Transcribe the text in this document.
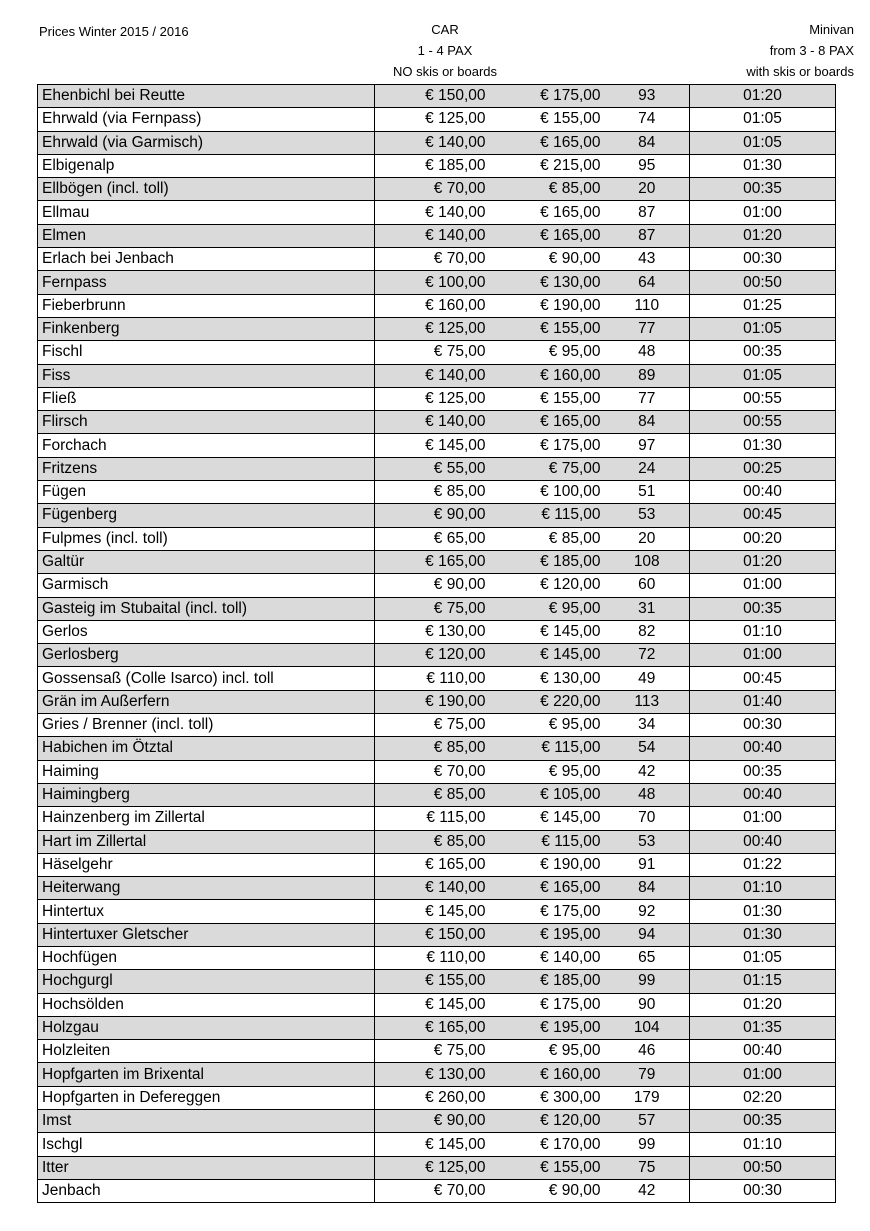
Prices Winter 2015 / 2016	CAR
1 - 4 PAX
NO skis or boards
Minivan
from 3 - 8 PAX
with skis or boards
Ehenbichl bei Reutte	€ 150,00	€ 175,00	93	01:20
Ehrwald (via Fernpass)	€ 125,00	€ 155,00	74	01:05
Ehrwald (via Garmisch)	€ 140,00	€ 165,00	84	01:05
Elbigenalp	€ 185,00	€ 215,00	95	01:30
Ellbögen (incl. toll)	€ 70,00	€ 85,00	20	00:35
Ellmau	€ 140,00	€ 165,00	87	01:00
Elmen	€ 140,00	€ 165,00	87	01:20
Erlach bei Jenbach	€ 70,00	€ 90,00	43	00:30
Fernpass	€ 100,00	€ 130,00	64	00:50
Fieberbrunn	€ 160,00	€ 190,00	110	01:25
Finkenberg	€ 125,00	€ 155,00	77	01:05
Fischl	€ 75,00	€ 95,00	48	00:35
Fiss	€ 140,00	€ 160,00	89	01:05
Fließ	€ 125,00	€ 155,00	77	00:55
Flirsch	€ 140,00	€ 165,00	84	00:55
Forchach	€ 145,00	€ 175,00	97	01:30
Fritzens	€ 55,00	€ 75,00	24	00:25
Fügen	€ 85,00	€ 100,00	51	00:40
Fügenberg	€ 90,00	€ 115,00	53	00:45
Fulpmes (incl. toll)	€ 65,00	€ 85,00	20	00:20
Galtür	€ 165,00	€ 185,00	108	01:20
Garmisch	€ 90,00	€ 120,00	60	01:00
Gasteig im Stubaital (incl. toll)	€ 75,00	€ 95,00	31	00:35
Gerlos	€ 130,00	€ 145,00	82	01:10
Gerlosberg	€ 120,00	€ 145,00	72	01:00
Gossensaß (Colle Isarco) incl. toll	€ 110,00	€ 130,00	49	00:45
Grän im Außerfern	€ 190,00	€ 220,00	113	01:40
Gries / Brenner (incl. toll)	€ 75,00	€ 95,00	34	00:30
Habichen im Ötztal	€ 85,00	€ 115,00	54	00:40
Haiming	€ 70,00	€ 95,00	42	00:35
Haimingberg	€ 85,00	€ 105,00	48	00:40
Hainzenberg im Zillertal	€ 115,00	€ 145,00	70	01:00
Hart im Zillertal	€ 85,00	€ 115,00	53	00:40
Häselgehr	€ 165,00	€ 190,00	91	01:22
Heiterwang	€ 140,00	€ 165,00	84	01:10
Hintertux	€ 145,00	€ 175,00	92	01:30
Hintertuxer Gletscher	€ 150,00	€ 195,00	94	01:30
Hochfügen	€ 110,00	€ 140,00	65	01:05
Hochgurgl	€ 155,00	€ 185,00	99	01:15
Hochsölden	€ 145,00	€ 175,00	90	01:20
Holzgau	€ 165,00	€ 195,00	104	01:35
Holzleiten	€ 75,00	€ 95,00	46	00:40
Hopfgarten im Brixental	€ 130,00	€ 160,00	79	01:00
Hopfgarten in Defereggen	€ 260,00	€ 300,00	179	02:20
Imst	€ 90,00	€ 120,00	57	00:35
Ischgl	€ 145,00	€ 170,00	99	01:10
Itter	€ 125,00	€ 155,00	75	00:50
Jenbach	€ 70,00	€ 90,00	42	00:30
